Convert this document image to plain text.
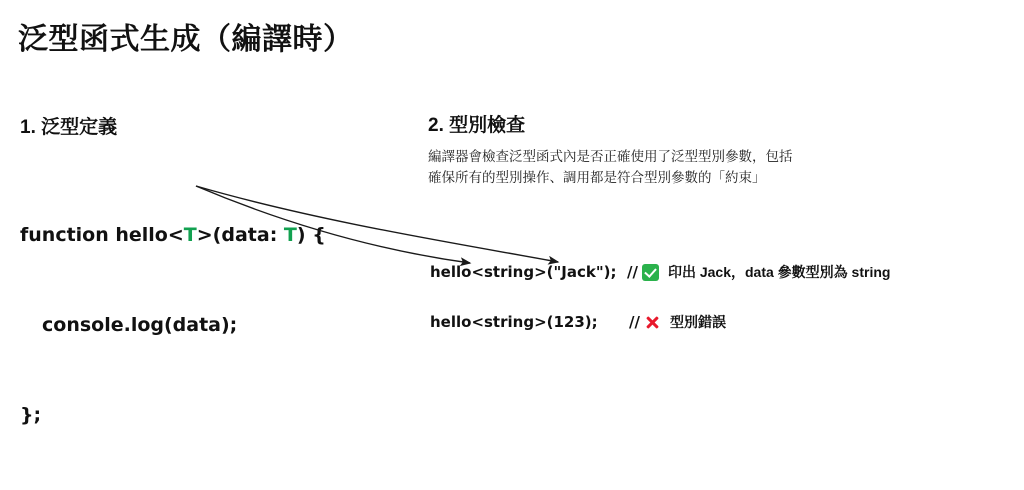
泛型函式生成（編譯時）
1. 泛型定義

function hello<T>(data: T) {

console.log(data);

};

2. 型別檢查
編譯器會檢查泛型函式內是否正確使用了泛型型別參數，包括
確保所有的型別操作、調用都是符合型別參數的「約束」
hello<string>("Jack"); // 印出 Jack，data 參數型別為 string
hello<string>(123); // 型別錯誤
